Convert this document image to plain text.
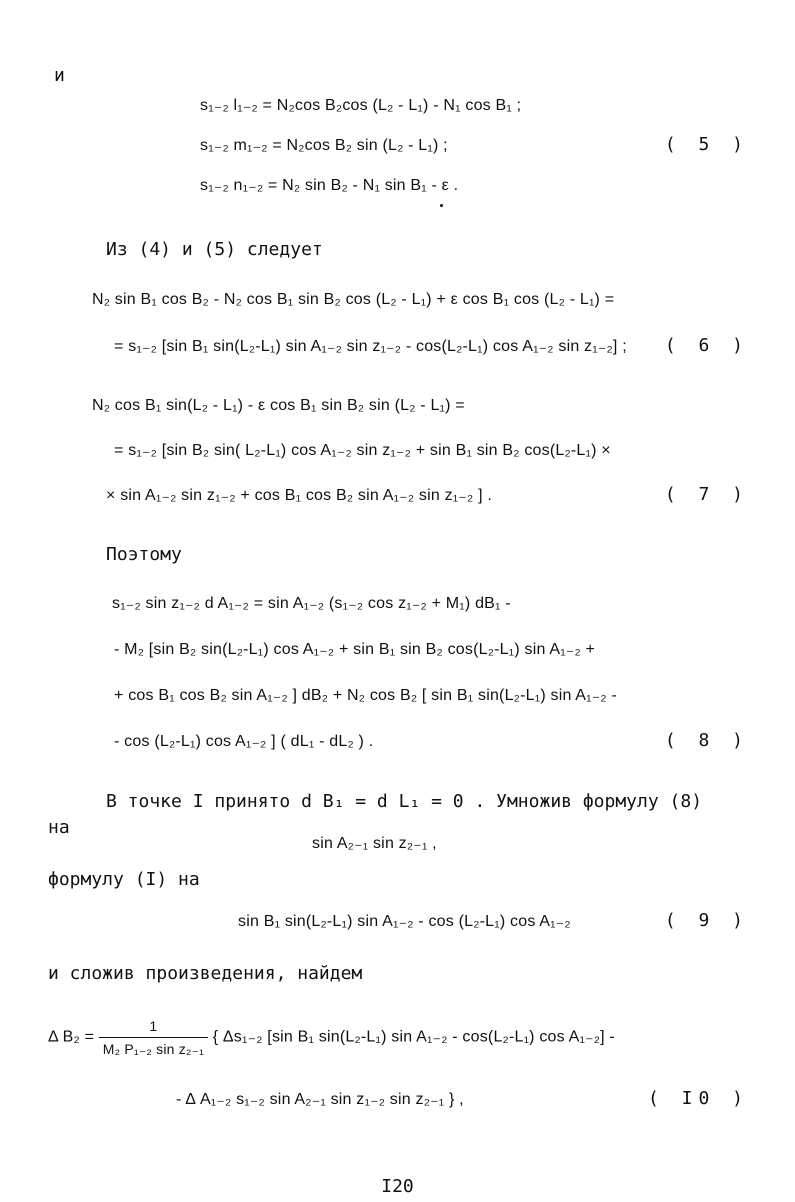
и
s₁₋₂ l₁₋₂ = N₂cos B₂cos (L₂ - L₁) - N₁ cos B₁ ;
s₁₋₂ m₁₋₂ = N₂cos B₂ sin (L₂ - L₁) ;	( 5 )
s₁₋₂ n₁₋₂ = N₂ sin B₂ - N₁ sin B₁ - ε .
Из (4) и (5) следует
N₂ sin B₁ cos B₂ - N₂ cos B₁ sin B₂ cos (L₂ - L₁) + ε cos B₁ cos (L₂ - L₁) =
= s₁₋₂ [sin B₁ sin(L₂-L₁) sin A₁₋₂ sin z₁₋₂ - cos(L₂-L₁) cos A₁₋₂ sin z₁₋₂] ; ( 6 )
N₂ cos B₁ sin(L₂ - L₁) - ε cos B₁ sin B₂ sin (L₂ - L₁) =
= s₁₋₂ [sin B₂ sin( L₂-L₁) cos A₁₋₂ sin z₁₋₂ + sin B₁ sin B₂ cos(L₂-L₁) ×
× sin A₁₋₂ sin z₁₋₂ + cos B₁ cos B₂ sin A₁₋₂ sin z₁₋₂ ] .	( 7 )
Поэтому
s₁₋₂ sin z₁₋₂ d A₁₋₂ = sin A₁₋₂ (s₁₋₂ cos z₁₋₂ + M₁) dB₁ -
- M₂ [sin B₂ sin(L₂-L₁) cos A₁₋₂ + sin B₁ sin B₂ cos(L₂-L₁) sin A₁₋₂ +
+ cos B₁ cos B₂ sin A₁₋₂ ] dB₂ + N₂ cos B₂ [ sin B₁ sin(L₂-L₁) sin A₁₋₂ -
- cos (L₂-L₁) cos A₁₋₂ ] ( dL₁ - dL₂ ) .	( 8 )
В точке I принято d B₁ = d L₁ = 0 . Умножив формулу (8)
на
sin A₂₋₁ sin z₂₋₁ ,
формулу (I) на
sin B₁ sin(L₂-L₁) sin A₁₋₂ - cos (L₂-L₁) cos A₁₋₂	( 9 )
и сложив произведения, найдем
Δ $B_2 = \frac{1}{\text{M₂ P₁₋₂ sin z₂₋₁}}$ { Δs₁₋₂ [sin B₁ sin(L₂-L₁) sin A₁₋₂ - cos(L₂-L₁) cos A₁₋₂] -
- Δ A₁₋₂ s₁₋₂ sin A₂₋₁ sin z₁₋₂ sin z₂₋₁ } ,	( I0 )
I20
